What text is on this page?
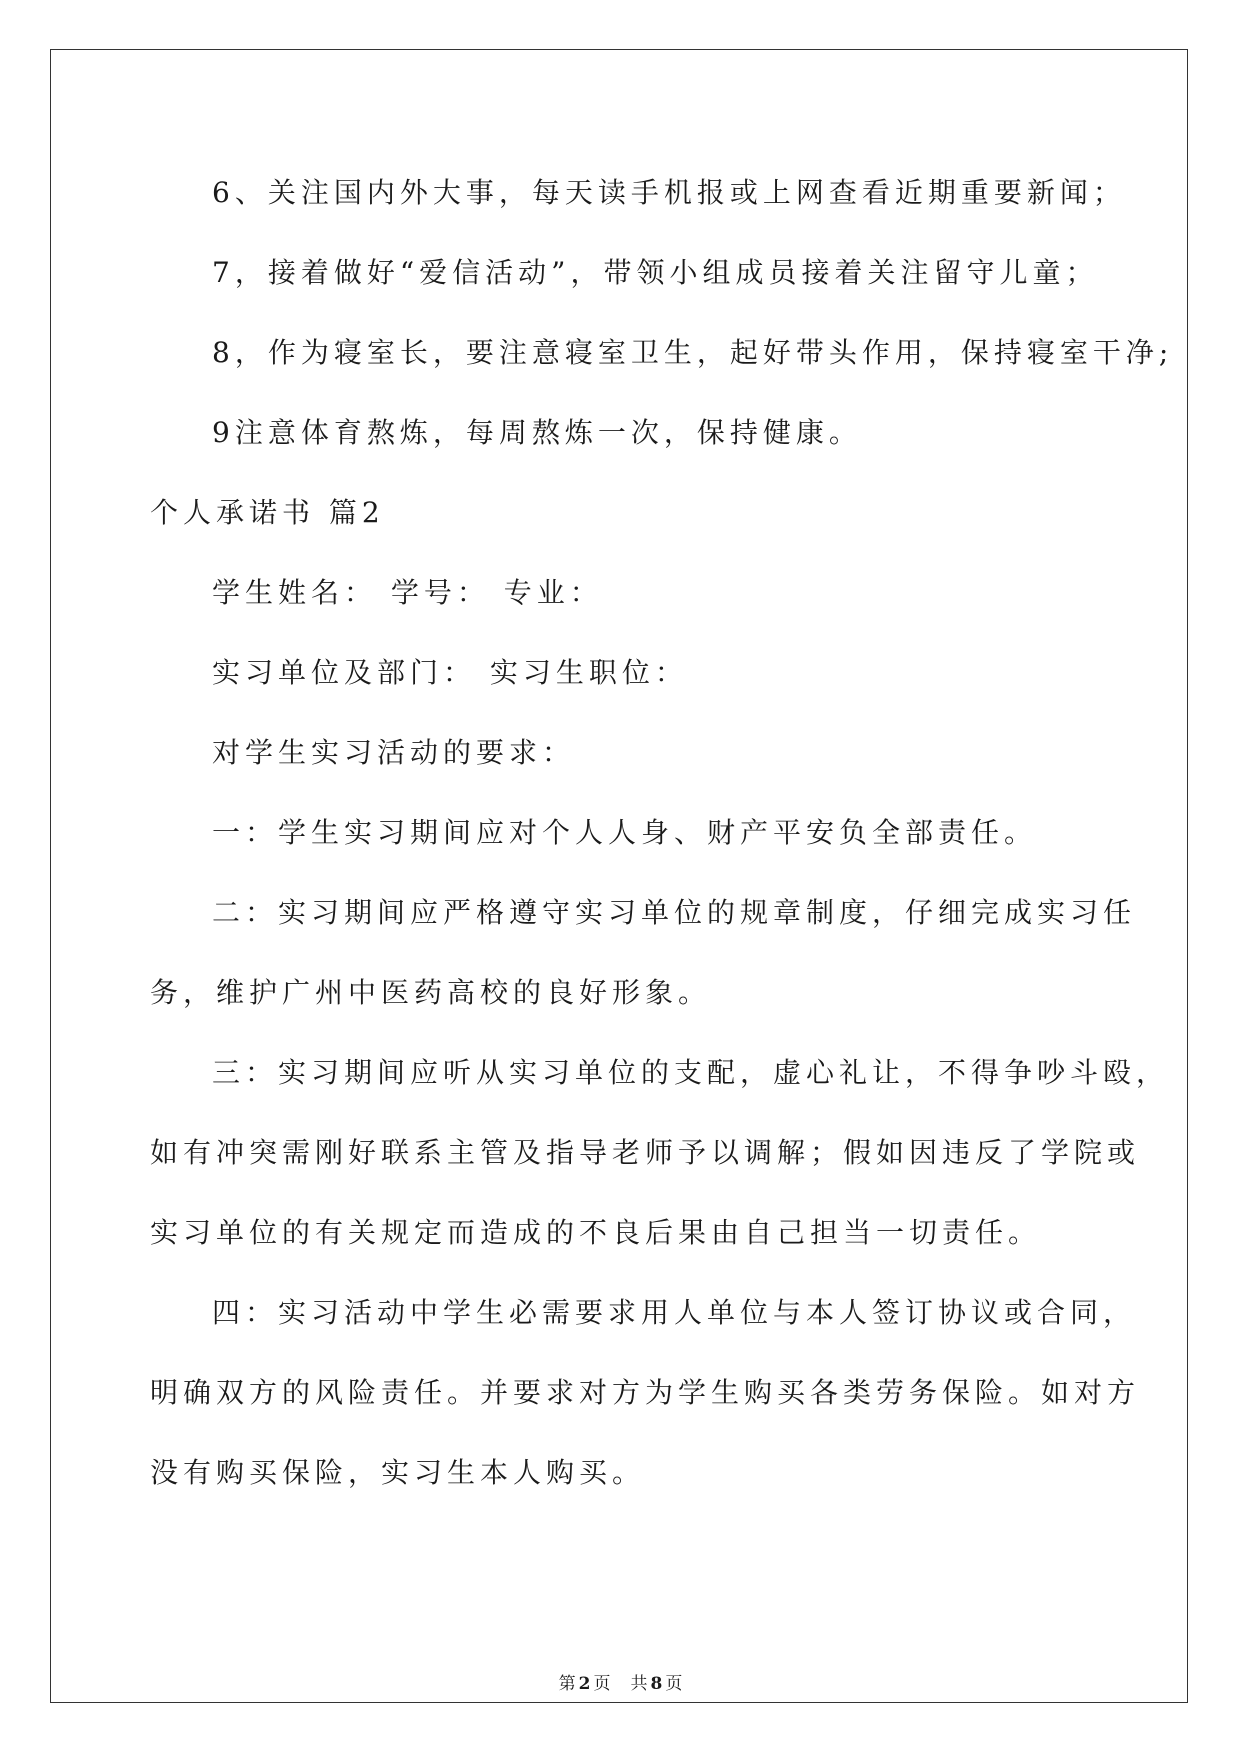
6、关注国内外大事，每天读手机报或上网查看近期重要新闻；
7，接着做好“爱信活动”，带领小组成员接着关注留守儿童；
8，作为寝室长，要注意寝室卫生，起好带头作用，保持寝室干净;
9注意体育熬炼，每周熬炼一次，保持健康。
个人承诺书 篇2
学生姓名： 学号： 专业：
实习单位及部门： 实习生职位：
对学生实习活动的要求：
一：学生实习期间应对个人人身、财产平安负全部责任。
二：实习期间应严格遵守实习单位的规章制度，仔细完成实习任
务，维护广州中医药高校的良好形象。
三：实习期间应听从实习单位的支配，虚心礼让，不得争吵斗殴，
如有冲突需刚好联系主管及指导老师予以调解；假如因违反了学院或
实习单位的有关规定而造成的不良后果由自己担当一切责任。
四：实习活动中学生必需要求用人单位与本人签订协议或合同，
明确双方的风险责任。并要求对方为学生购买各类劳务保险。如对方
没有购买保险，实习生本人购买。
第 2 页 共 8 页
